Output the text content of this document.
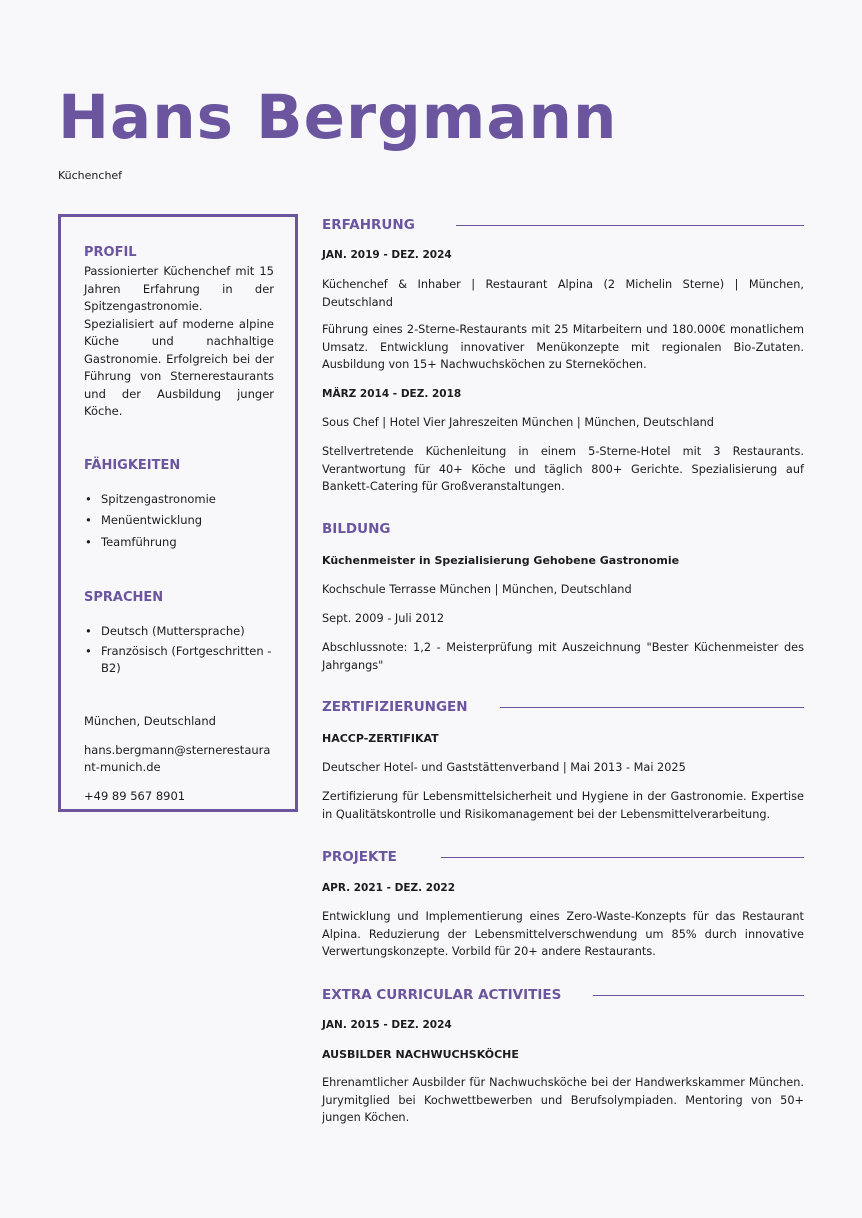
Hans Bergmann
Küchenchef
PROFIL

Passionierter Küchenchef mit 15 Jahren Erfahrung in der Spitzengastronomie. Spezialisiert auf moderne alpine Küche und nachhaltige Gastronomie. Erfolgreich bei der Führung von Sternerestaurants und der Ausbildung junger Köche.

FÄHIGKEITEN
• Spitzengastronomie
• Menüentwicklung
• Teamführung
SPRACHEN
• Deutsch (Muttersprache)
• Französisch (Fortgeschritten - B2)
München, Deutschland
hans.bergmann@sternerestaurant-munich.de
+49 89 567 8901
ERFAHRUNG
JAN. 2019 - DEZ. 2024
Küchenchef & Inhaber | Restaurant Alpina (2 Michelin Sterne) | München, Deutschland
Führung eines 2-Sterne-Restaurants mit 25 Mitarbeitern und 180.000€ monatlichem Umsatz. Entwicklung innovativer Menükonzepte mit regionalen Bio-Zutaten. Ausbildung von 15+ Nachwuchsköchen zu Sterneköchen.
MÄRZ 2014 - DEZ. 2018
Sous Chef | Hotel Vier Jahreszeiten München | München, Deutschland
Stellvertretende Küchenleitung in einem 5-Sterne-Hotel mit 3 Restaurants. Verantwortung für 40+ Köche und täglich 800+ Gerichte. Spezialisierung auf Bankett-Catering für Großveranstaltungen.
BILDUNG
Küchenmeister in Spezialisierung Gehobene Gastronomie
Kochschule Terrasse München | München, Deutschland
Sept. 2009 - Juli 2012
Abschlussnote: 1,2 - Meisterprüfung mit Auszeichnung "Bester Küchenmeister des Jahrgangs"
ZERTIFIZIERUNGEN
HACCP-ZERTIFIKAT
Deutscher Hotel- und Gaststättenverband | Mai 2013 - Mai 2025
Zertifizierung für Lebensmittelsicherheit und Hygiene in der Gastronomie. Expertise in Qualitätskontrolle und Risikomanagement bei der Lebensmittelverarbeitung.
PROJEKTE
APR. 2021 - DEZ. 2022
Entwicklung und Implementierung eines Zero-Waste-Konzepts für das Restaurant Alpina. Reduzierung der Lebensmittelverschwendung um 85% durch innovative Verwertungskonzepte. Vorbild für 20+ andere Restaurants.
EXTRA CURRICULAR ACTIVITIES
JAN. 2015 - DEZ. 2024
AUSBILDER NACHWUCHSKÖCHE
Ehrenamtlicher Ausbilder für Nachwuchsköche bei der Handwerkskammer München. Jurymitglied bei Kochwettbewerben und Berufsolympiaden. Mentoring von 50+ jungen Köchen.
